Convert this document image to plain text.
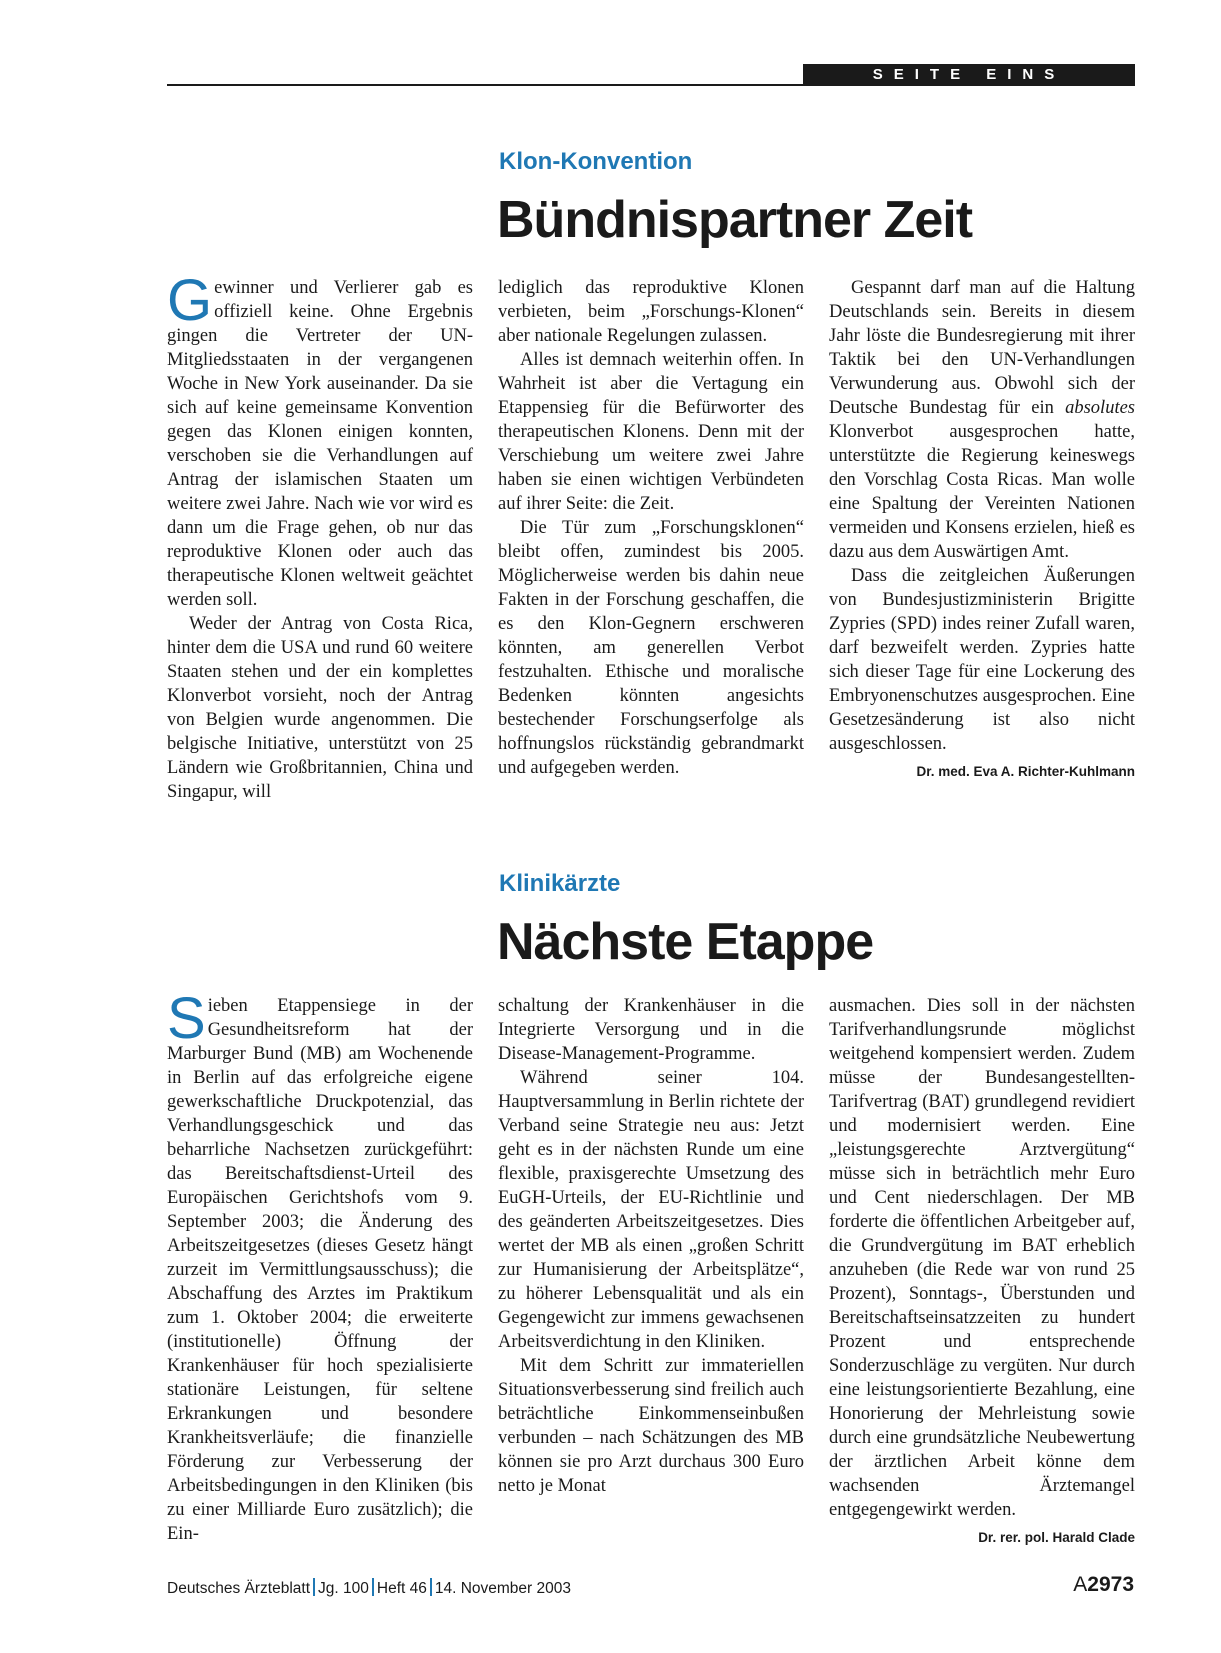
SEITE EINS
Klon-Konvention
Bündnispartner Zeit

Gewinner und Verlierer gab es offiziell keine. Ohne Ergebnis gingen die Vertreter der UN-Mitgliedsstaaten in der vergangenen Woche in New York auseinander. Da sie sich auf keine gemeinsame Konvention gegen das Klonen einigen konnten, verschoben sie die Verhandlungen auf Antrag der islamischen Staaten um weitere zwei Jahre. Nach wie vor wird es dann um die Frage gehen, ob nur das reproduktive Klonen oder auch das therapeutische Klonen weltweit geächtet werden soll.

Weder der Antrag von Costa Rica, hinter dem die USA und rund 60 weitere Staaten stehen und der ein komplettes Klonverbot vorsieht, noch der Antrag von Belgien wurde angenommen. Die belgische Initiative, unterstützt von 25 Ländern wie Großbritannien, China und Singapur, will

lediglich das reproduktive Klonen verbieten, beim „Forschungs-Klonen“ aber nationale Regelungen zulassen.

Alles ist demnach weiterhin offen. In Wahrheit ist aber die Vertagung ein Etappensieg für die Befürworter des therapeutischen Klonens. Denn mit der Verschiebung um weitere zwei Jahre haben sie einen wichtigen Verbündeten auf ihrer Seite: die Zeit.

Die Tür zum „Forschungsklonen“ bleibt offen, zumindest bis 2005. Möglicherweise werden bis dahin neue Fakten in der Forschung geschaffen, die es den Klon-Gegnern erschweren könnten, am generellen Verbot festzuhalten. Ethische und moralische Bedenken könnten angesichts bestechender Forschungserfolge als hoffnungslos rückständig gebrandmarkt und aufgegeben werden.

Gespannt darf man auf die Haltung Deutschlands sein. Bereits in diesem Jahr löste die Bundesregierung mit ihrer Taktik bei den UN-Verhandlungen Verwunderung aus. Obwohl sich der Deutsche Bundestag für ein absolutes Klonverbot ausgesprochen hatte, unterstützte die Regierung keineswegs den Vorschlag Costa Ricas. Man wolle eine Spaltung der Vereinten Nationen vermeiden und Konsens erzielen, hieß es dazu aus dem Auswärtigen Amt.

Dass die zeitgleichen Äußerungen von Bundesjustizministerin Brigitte Zypries (SPD) indes reiner Zufall waren, darf bezweifelt werden. Zypries hatte sich dieser Tage für eine Lockerung des Embryonenschutzes ausgesprochen. Eine Gesetzesänderung ist also nicht ausgeschlossen.
Dr. med. Eva A. Richter-Kuhlmann

Klinikärzte
Nächste Etappe

Sieben Etappensiege in der Gesundheitsreform hat der Marburger Bund (MB) am Wochenende in Berlin auf das erfolgreiche eigene gewerkschaftliche Druckpotenzial, das Verhandlungsgeschick und das beharrliche Nachsetzen zurückgeführt: das Bereitschaftsdienst-Urteil des Europäischen Gerichtshofs vom 9. September 2003; die Änderung des Arbeitszeitgesetzes (dieses Gesetz hängt zurzeit im Vermittlungsausschuss); die Abschaffung des Arztes im Praktikum zum 1. Oktober 2004; die erweiterte (institutionelle) Öffnung der Krankenhäuser für hoch spezialisierte stationäre Leistungen, für seltene Erkrankungen und besondere Krankheitsverläufe; die finanzielle Förderung zur Verbesserung der Arbeitsbedingungen in den Kliniken (bis zu einer Milliarde Euro zusätzlich); die Ein-

schaltung der Krankenhäuser in die Integrierte Versorgung und in die Disease-Management-Programme.

Während seiner 104. Hauptversammlung in Berlin richtete der Verband seine Strategie neu aus: Jetzt geht es in der nächsten Runde um eine flexible, praxisgerechte Umsetzung des EuGH-Urteils, der EU-Richtlinie und des geänderten Arbeitszeitgesetzes. Dies wertet der MB als einen „großen Schritt zur Humanisierung der Arbeitsplätze“, zu höherer Lebensqualität und als ein Gegengewicht zur immens gewachsenen Arbeitsverdichtung in den Kliniken.

Mit dem Schritt zur immateriellen Situationsverbesserung sind freilich auch beträchtliche Einkommenseinbußen verbunden – nach Schätzungen des MB können sie pro Arzt durchaus 300 Euro netto je Monat

ausmachen. Dies soll in der nächsten Tarifverhandlungsrunde möglichst weitgehend kompensiert werden. Zudem müsse der Bundesangestellten-Tarifvertrag (BAT) grundlegend revidiert und modernisiert werden. Eine „leistungsgerechte Arztvergütung“ müsse sich in beträchtlich mehr Euro und Cent niederschlagen. Der MB forderte die öffentlichen Arbeitgeber auf, die Grundvergütung im BAT erheblich anzuheben (die Rede war von rund 25 Prozent), Sonntags-, Überstunden und Bereitschaftseinsatzzeiten zu hundert Prozent und entsprechende Sonderzuschläge zu vergüten. Nur durch eine leistungsorientierte Bezahlung, eine Honorierung der Mehrleistung sowie durch eine grundsätzliche Neubewertung der ärztlichen Arbeit könne dem wachsenden Ärztemangel entgegengewirkt werden.
Dr. rer. pol. Harald Clade

Deutsches Ärzteblatt Jg. 100 Heft 46 14. November 2003	A2973
